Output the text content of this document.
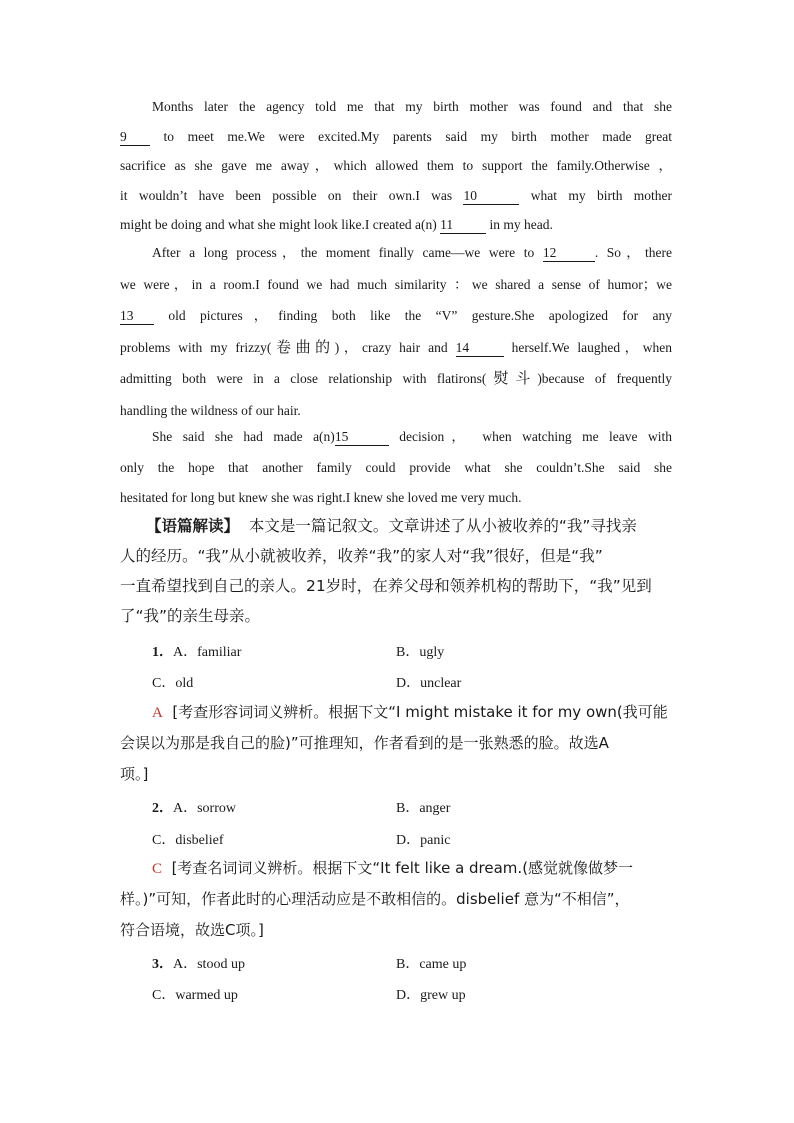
Months later the agency told me that my birth mother was found and that she
9 to meet me.We were excited.My parents said my birth mother made great
sacrifice as she gave me away，which allowed them to support the family.Otherwise ，
it wouldn’t have been possible on their own.I was 10	what my birth mother
might be doing and what she might look like.I created a(n) 11 in my head.
After a long process，the moment finally came—we were to 12	. So，there
we were，in a room.I found we had much similarity ：we shared a sense of humor；we
13 old pictures，finding both like the “V” gesture.She apologized for any
problems with my frizzy(卷曲的)，crazy hair and 14	herself.We laughed，when
admitting both were in a close relationship with flatirons(熨斗)because of frequently
handling the wildness of our hair.
She said she had made a(n)15	decision， when watching me leave with
only the hope that another family could provide what she couldn’t.She said she
hesitated for long but knew she was right.I knew she loved me very much.
【语篇解读】 本文是一篇记叙文。文章讲述了从小被收养的“我”寻找亲
人的经历。“我”从小就被收养，收养“我”的家人对“我”很好，但是“我”
一直希望找到自己的亲人。21岁时，在养父母和领养机构的帮助下，“我”见到
了“我”的亲生母亲。
1．A．familiar	B．ugly
C．old	D．unclear
A [考查形容词词义辨析。根据下文“I might mistake it for my own(我可能
会误以为那是我自己的脸)”可推理知，作者看到的是一张熟悉的脸。故选A
项。]
2．A．sorrow	B．anger
C．disbelief	D．panic
C [考查名词词义辨析。根据下文“It felt like a dream.(感觉就像做梦一
样。)”可知，作者此时的心理活动应是不敢相信的。disbelief 意为“不相信”，
符合语境，故选C项。]
3．A．stood up	B．came up
C．warmed up	D．grew up
